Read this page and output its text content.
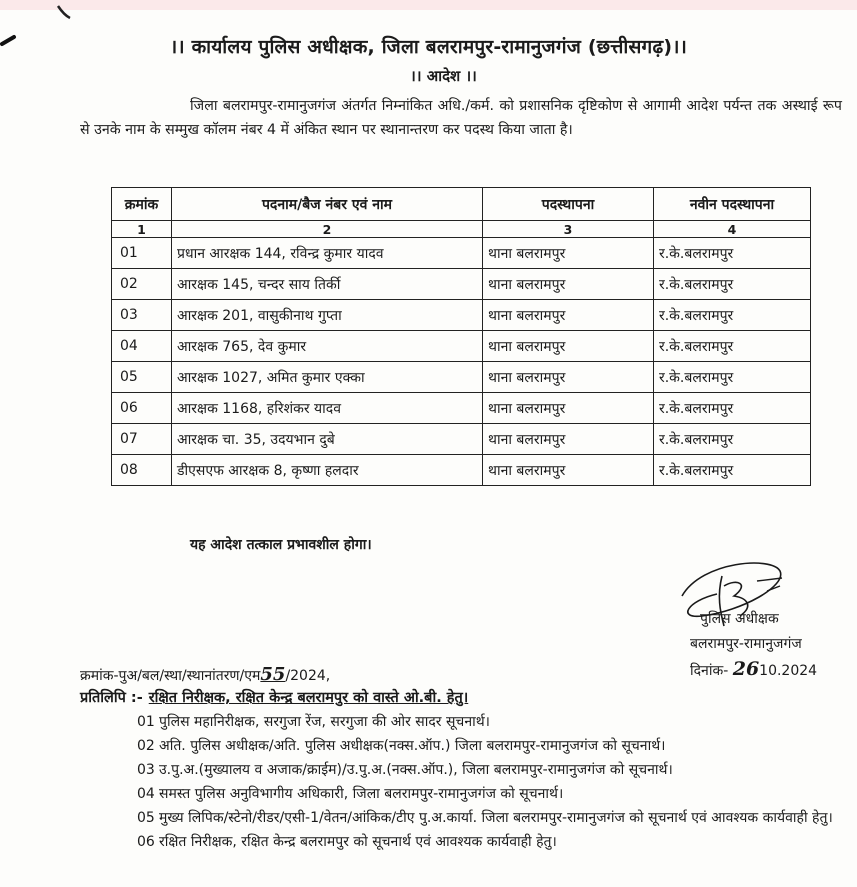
।। कार्यालय पुलिस अधीक्षक, जिला बलरामपुर-रामानुजगंज (छत्तीसगढ़)।।
।। आदेश ।।
जिला बलरामपुर-रामानुजगंज अंतर्गत निम्नांकित अधि./कर्म. को प्रशासनिक दृष्टिकोण से आगामी आदेश पर्यन्त तक अस्थाई रूप से उनके नाम के सम्मुख कॉलम नंबर 4 में अंकित स्थान पर स्थानान्तरण कर पदस्थ किया जाता है।
क्रमांक	पदनाम/बैज नंबर एवं नाम	पदस्थापना	नवीन पदस्थापना
1	2	3	4
01	प्रधान आरक्षक 144, रविन्द्र कुमार यादव	थाना बलरामपुर	र.के.बलरामपुर
02	आरक्षक 145, चन्दर साय तिर्की	थाना बलरामपुर	र.के.बलरामपुर
03	आरक्षक 201, वासुकीनाथ गुप्ता	थाना बलरामपुर	र.के.बलरामपुर
04	आरक्षक 765, देव कुमार	थाना बलरामपुर	र.के.बलरामपुर
05	आरक्षक 1027, अमित कुमार एक्का	थाना बलरामपुर	र.के.बलरामपुर
06	आरक्षक 1168, हरिशंकर यादव	थाना बलरामपुर	र.के.बलरामपुर
07	आरक्षक चा. 35, उदयभान दुबे	थाना बलरामपुर	र.के.बलरामपुर
08	डीएसएफ आरक्षक 8, कृष्णा हलदार	थाना बलरामपुर	र.के.बलरामपुर
यह आदेश तत्काल प्रभावशील होगा।
पुलिस अधीक्षक
बलरामपुर-रामानुजगंज
दिनांक- 2610.2024
क्रमांक-पुअ/बल/स्था/स्थानांतरण/एम55/2024,
प्रतिलिपि :- रक्षित निरीक्षक, रक्षित केन्द्र बलरामपुर को वास्ते ओ.बी. हेतु।
01 पुलिस महानिरीक्षक, सरगुजा रेंज, सरगुजा की ओर सादर सूचनार्थ।
02 अति. पुलिस अधीक्षक/अति. पुलिस अधीक्षक(नक्स.ऑप.) जिला बलरामपुर-रामानुजगंज को सूचनार्थ।
03 उ.पु.अ.(मुख्यालय व अजाक/क्राईम)/उ.पु.अ.(नक्स.ऑप.), जिला बलरामपुर-रामानुजगंज को सूचनार्थ।
04 समस्त पुलिस अनुविभागीय अधिकारी, जिला बलरामपुर-रामानुजगंज को सूचनार्थ।
05 मुख्य लिपिक/स्टेनो/रीडर/एसी-1/वेतन/आंकिक/टीए पु.अ.कार्या. जिला बलरामपुर-रामानुजगंज को सूचनार्थ एवं आवश्यक कार्यवाही हेतु।
06 रक्षित निरीक्षक, रक्षित केन्द्र बलरामपुर को सूचनार्थ एवं आवश्यक कार्यवाही हेतु।
